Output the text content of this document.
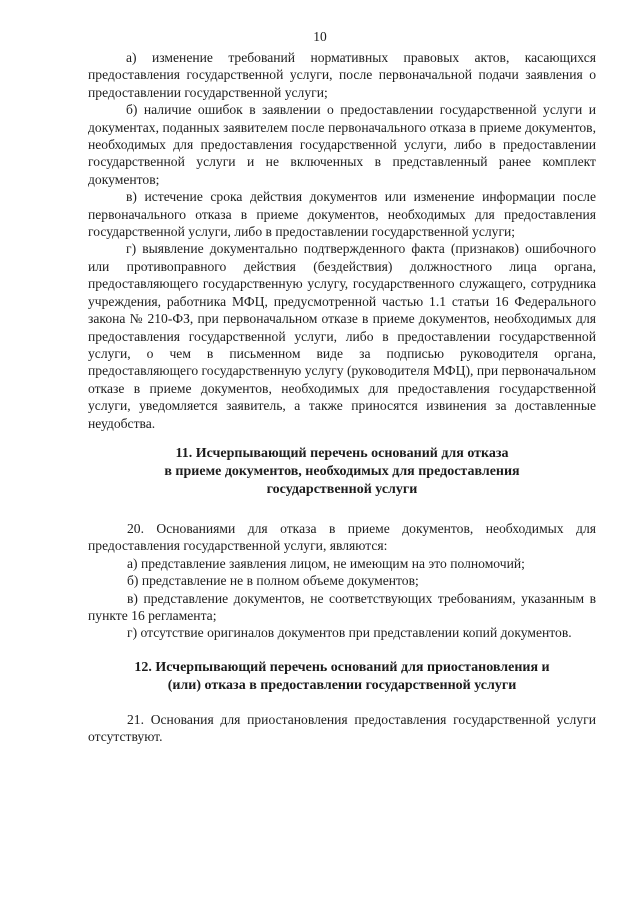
10

а) изменение требований нормативных правовых актов, касающихся предоставления государственной услуги, после первоначальной подачи заявления о предоставлении государственной услуги;

б) наличие ошибок в заявлении о предоставлении государственной услуги и документах, поданных заявителем после первоначального отказа в приеме документов, необходимых для предоставления государственной услуги, либо в предоставлении государственной услуги и не включенных в представленный ранее комплект документов;

в) истечение срока действия документов или изменение информации после первоначального отказа в приеме документов, необходимых для предоставления государственной услуги, либо в предоставлении государственной услуги;

г) выявление документально подтвержденного факта (признаков) ошибочного или противоправного действия (бездействия) должностного лица органа, предоставляющего государственную услугу, государственного служащего, сотрудника учреждения, работника МФЦ, предусмотренной частью 1.1 статьи 16 Федерального закона № 210-ФЗ, при первоначальном отказе в приеме документов, необходимых для предоставления государственной услуги, либо в предоставлении государственной услуги, о чем в письменном виде за подписью руководителя органа, предоставляющего государственную услугу (руководителя МФЦ), при первоначальном отказе в приеме документов, необходимых для предоставления государственной услуги, уведомляется заявитель, а также приносятся извинения за доставленные неудобства.

11. Исчерпывающий перечень оснований для отказа
в приеме документов, необходимых для предоставления
государственной услуги

20. Основаниями для отказа в приеме документов, необходимых для предоставления государственной услуги, являются:

а) представление заявления лицом, не имеющим на это полномочий;

б) представление не в полном объеме документов;

в) представление документов, не соответствующих требованиям, указанным в пункте 16 регламента;

г) отсутствие оригиналов документов при представлении копий документов.

12. Исчерпывающий перечень оснований для приостановления и
(или) отказа в предоставлении государственной услуги

21. Основания для приостановления предоставления государственной услуги отсутствуют.
